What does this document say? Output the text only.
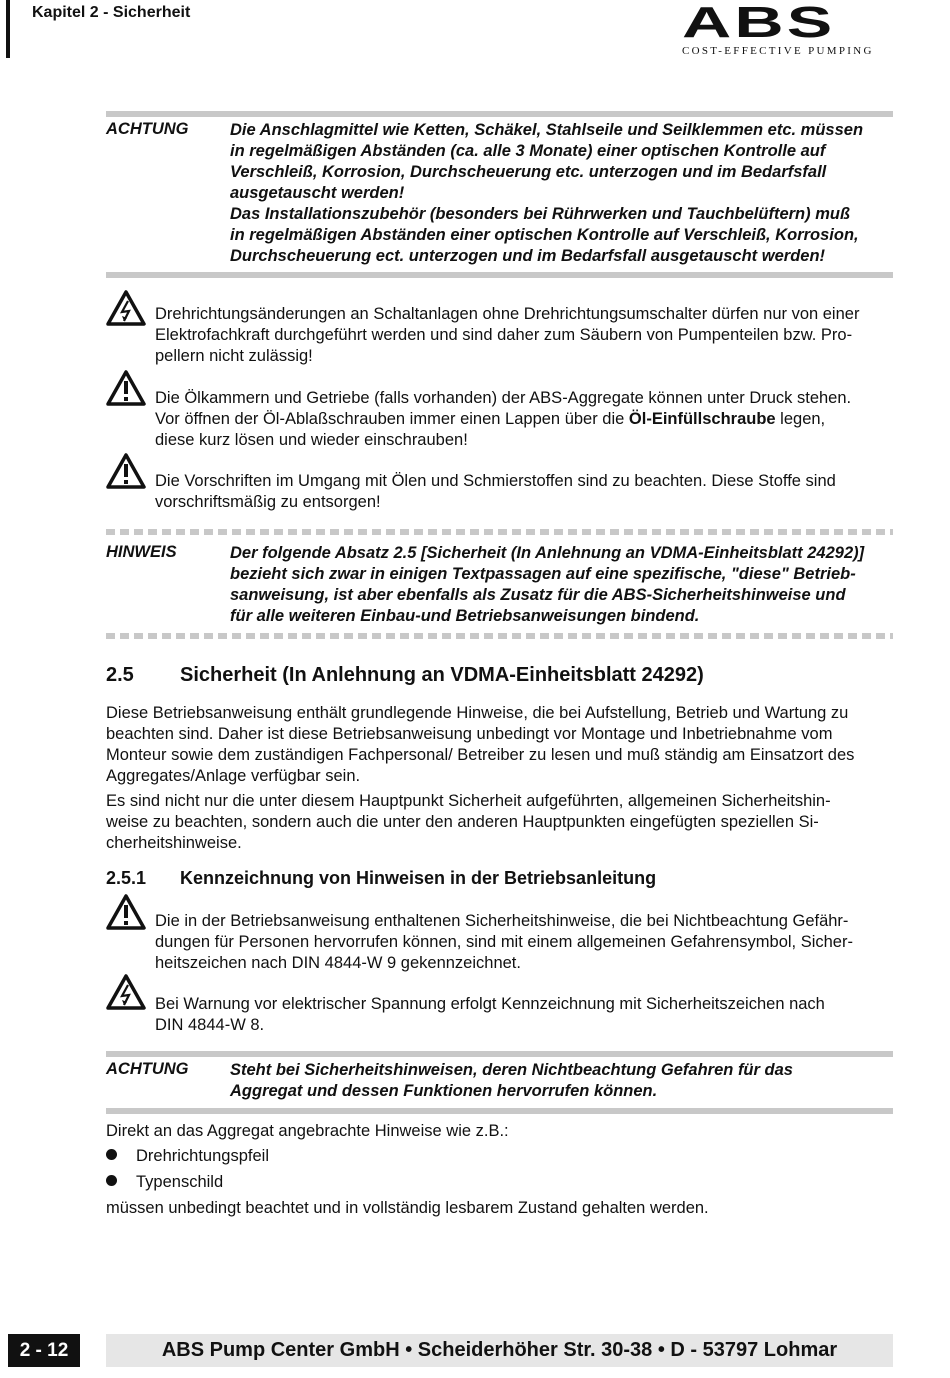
Kapitel 2 - Sicherheit	ABS
COST-EFFECTIVE PUMPING
ACHTUNG	Die Anschlagmittel wie Ketten, Schäkel, Stahlseile und Seilklemmen etc. müssen
in regelmäßigen Abständen (ca. alle 3 Monate) einer optischen Kontrolle auf
Verschleiß, Korrosion, Durchscheuerung etc. unterzogen und im Bedarfsfall
ausgetauscht werden!
Das Installationszubehör (besonders bei Rührwerken und Tauchbelüftern) muß
in regelmäßigen Abständen einer optischen Kontrolle auf Verschleiß, Korrosion,
Durchscheuerung ect. unterzogen und im Bedarfsfall ausgetauscht werden!
Drehrichtungsänderungen an Schaltanlagen ohne Drehrichtungsumschalter dürfen nur von einer
Elektrofachkraft durchgeführt werden und sind daher zum Säubern von Pumpenteilen bzw. Pro-
pellern nicht zulässig!
Die Ölkammern und Getriebe (falls vorhanden) der ABS-Aggregate können unter Druck stehen.
Vor öffnen der Öl-Ablaßschrauben immer einen Lappen über die Öl-Einfüllschraube legen,
diese kurz lösen und wieder einschrauben!
Die Vorschriften im Umgang mit Ölen und Schmierstoffen sind zu beachten. Diese Stoffe sind
vorschriftsmäßig zu entsorgen!
HINWEIS	Der folgende Absatz 2.5 [Sicherheit (In Anlehnung an VDMA-Einheitsblatt 24292)]
bezieht sich zwar in einigen Textpassagen auf eine spezifische, "diese" Betrieb-
sanweisung, ist aber ebenfalls als Zusatz für die ABS-Sicherheitshinweise und
für alle weiteren Einbau-und Betriebsanweisungen bindend.
2.5 Sicherheit (In Anlehnung an VDMA-Einheitsblatt 24292)
Diese Betriebsanweisung enthält grundlegende Hinweise, die bei Aufstellung, Betrieb und Wartung zu
beachten sind. Daher ist diese Betriebsanweisung unbedingt vor Montage und Inbetriebnahme vom
Monteur sowie dem zuständigen Fachpersonal/ Betreiber zu lesen und muß ständig am Einsatzort des
Aggregates/Anlage verfügbar sein.
Es sind nicht nur die unter diesem Hauptpunkt Sicherheit aufgeführten, allgemeinen Sicherheitshin-
weise zu beachten, sondern auch die unter den anderen Hauptpunkten eingefügten speziellen Si-
cherheitshinweise.
2.5.1 Kennzeichnung von Hinweisen in der Betriebsanleitung
Die in der Betriebsanweisung enthaltenen Sicherheitshinweise, die bei Nichtbeachtung Gefähr-
dungen für Personen hervorrufen können, sind mit einem allgemeinen Gefahrensymbol, Sicher-
heitszeichen nach DIN 4844-W 9 gekennzeichnet.
Bei Warnung vor elektrischer Spannung erfolgt Kennzeichnung mit Sicherheitszeichen nach
DIN 4844-W 8.
ACHTUNG	Steht bei Sicherheitshinweisen, deren Nichtbeachtung Gefahren für das
Aggregat und dessen Funktionen hervorrufen können.
Direkt an das Aggregat angebrachte Hinweise wie z.B.:
Drehrichtungspfeil
Typenschild
müssen unbedingt beachtet und in vollständig lesbarem Zustand gehalten werden.
2 - 12	ABS Pump Center GmbH • Scheiderhöher Str. 30-38 • D - 53797 Lohmar
